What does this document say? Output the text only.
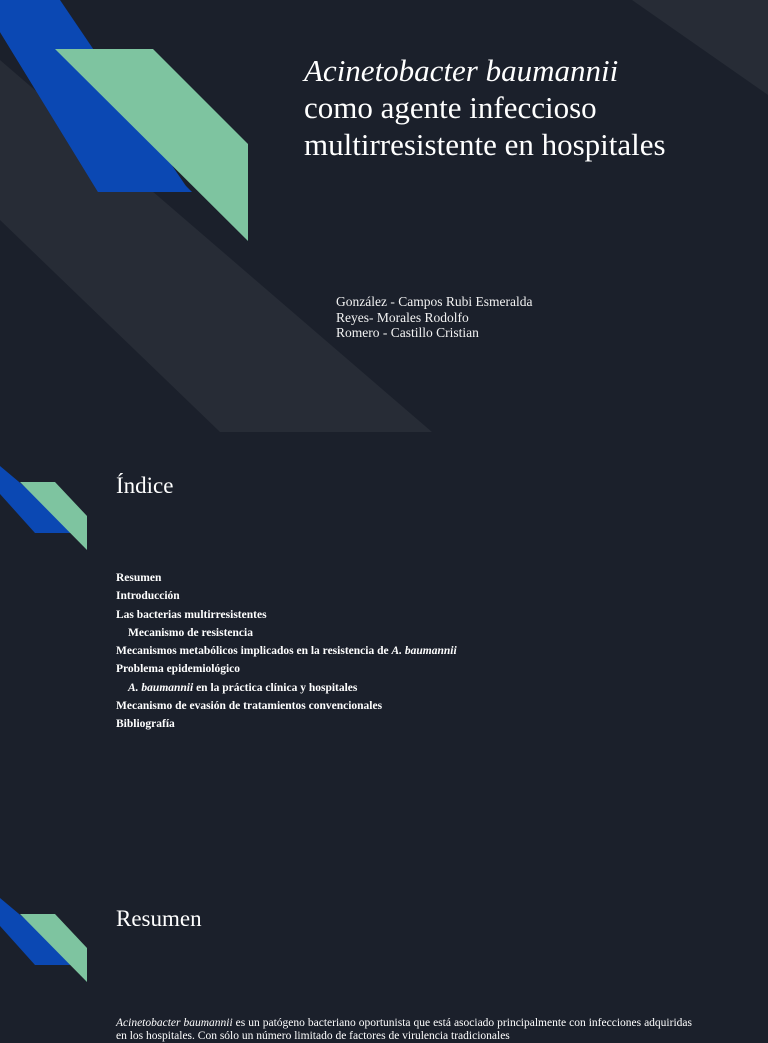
Acinetobacter baumannii
como agente infeccioso multirresistente en hospitales
González - Campos Rubi Esmeralda
Reyes- Morales Rodolfo
Romero - Castillo Cristian
Índice
Resumen
Introducción
Las bacterias multirresistentes
Mecanismo de resistencia
Mecanismos metabólicos implicados en la resistencia de A. baumannii
Problema epidemiológico
A. baumannii en la práctica clínica y hospitales
Mecanismo de evasión de tratamientos convencionales
Bibliografía
Resumen

Acinetobacter baumannii es un patógeno bacteriano oportunista que está asociado principalmente con infecciones adquiridas en los hospitales. Con sólo un número limitado de factores de virulencia tradicionales
